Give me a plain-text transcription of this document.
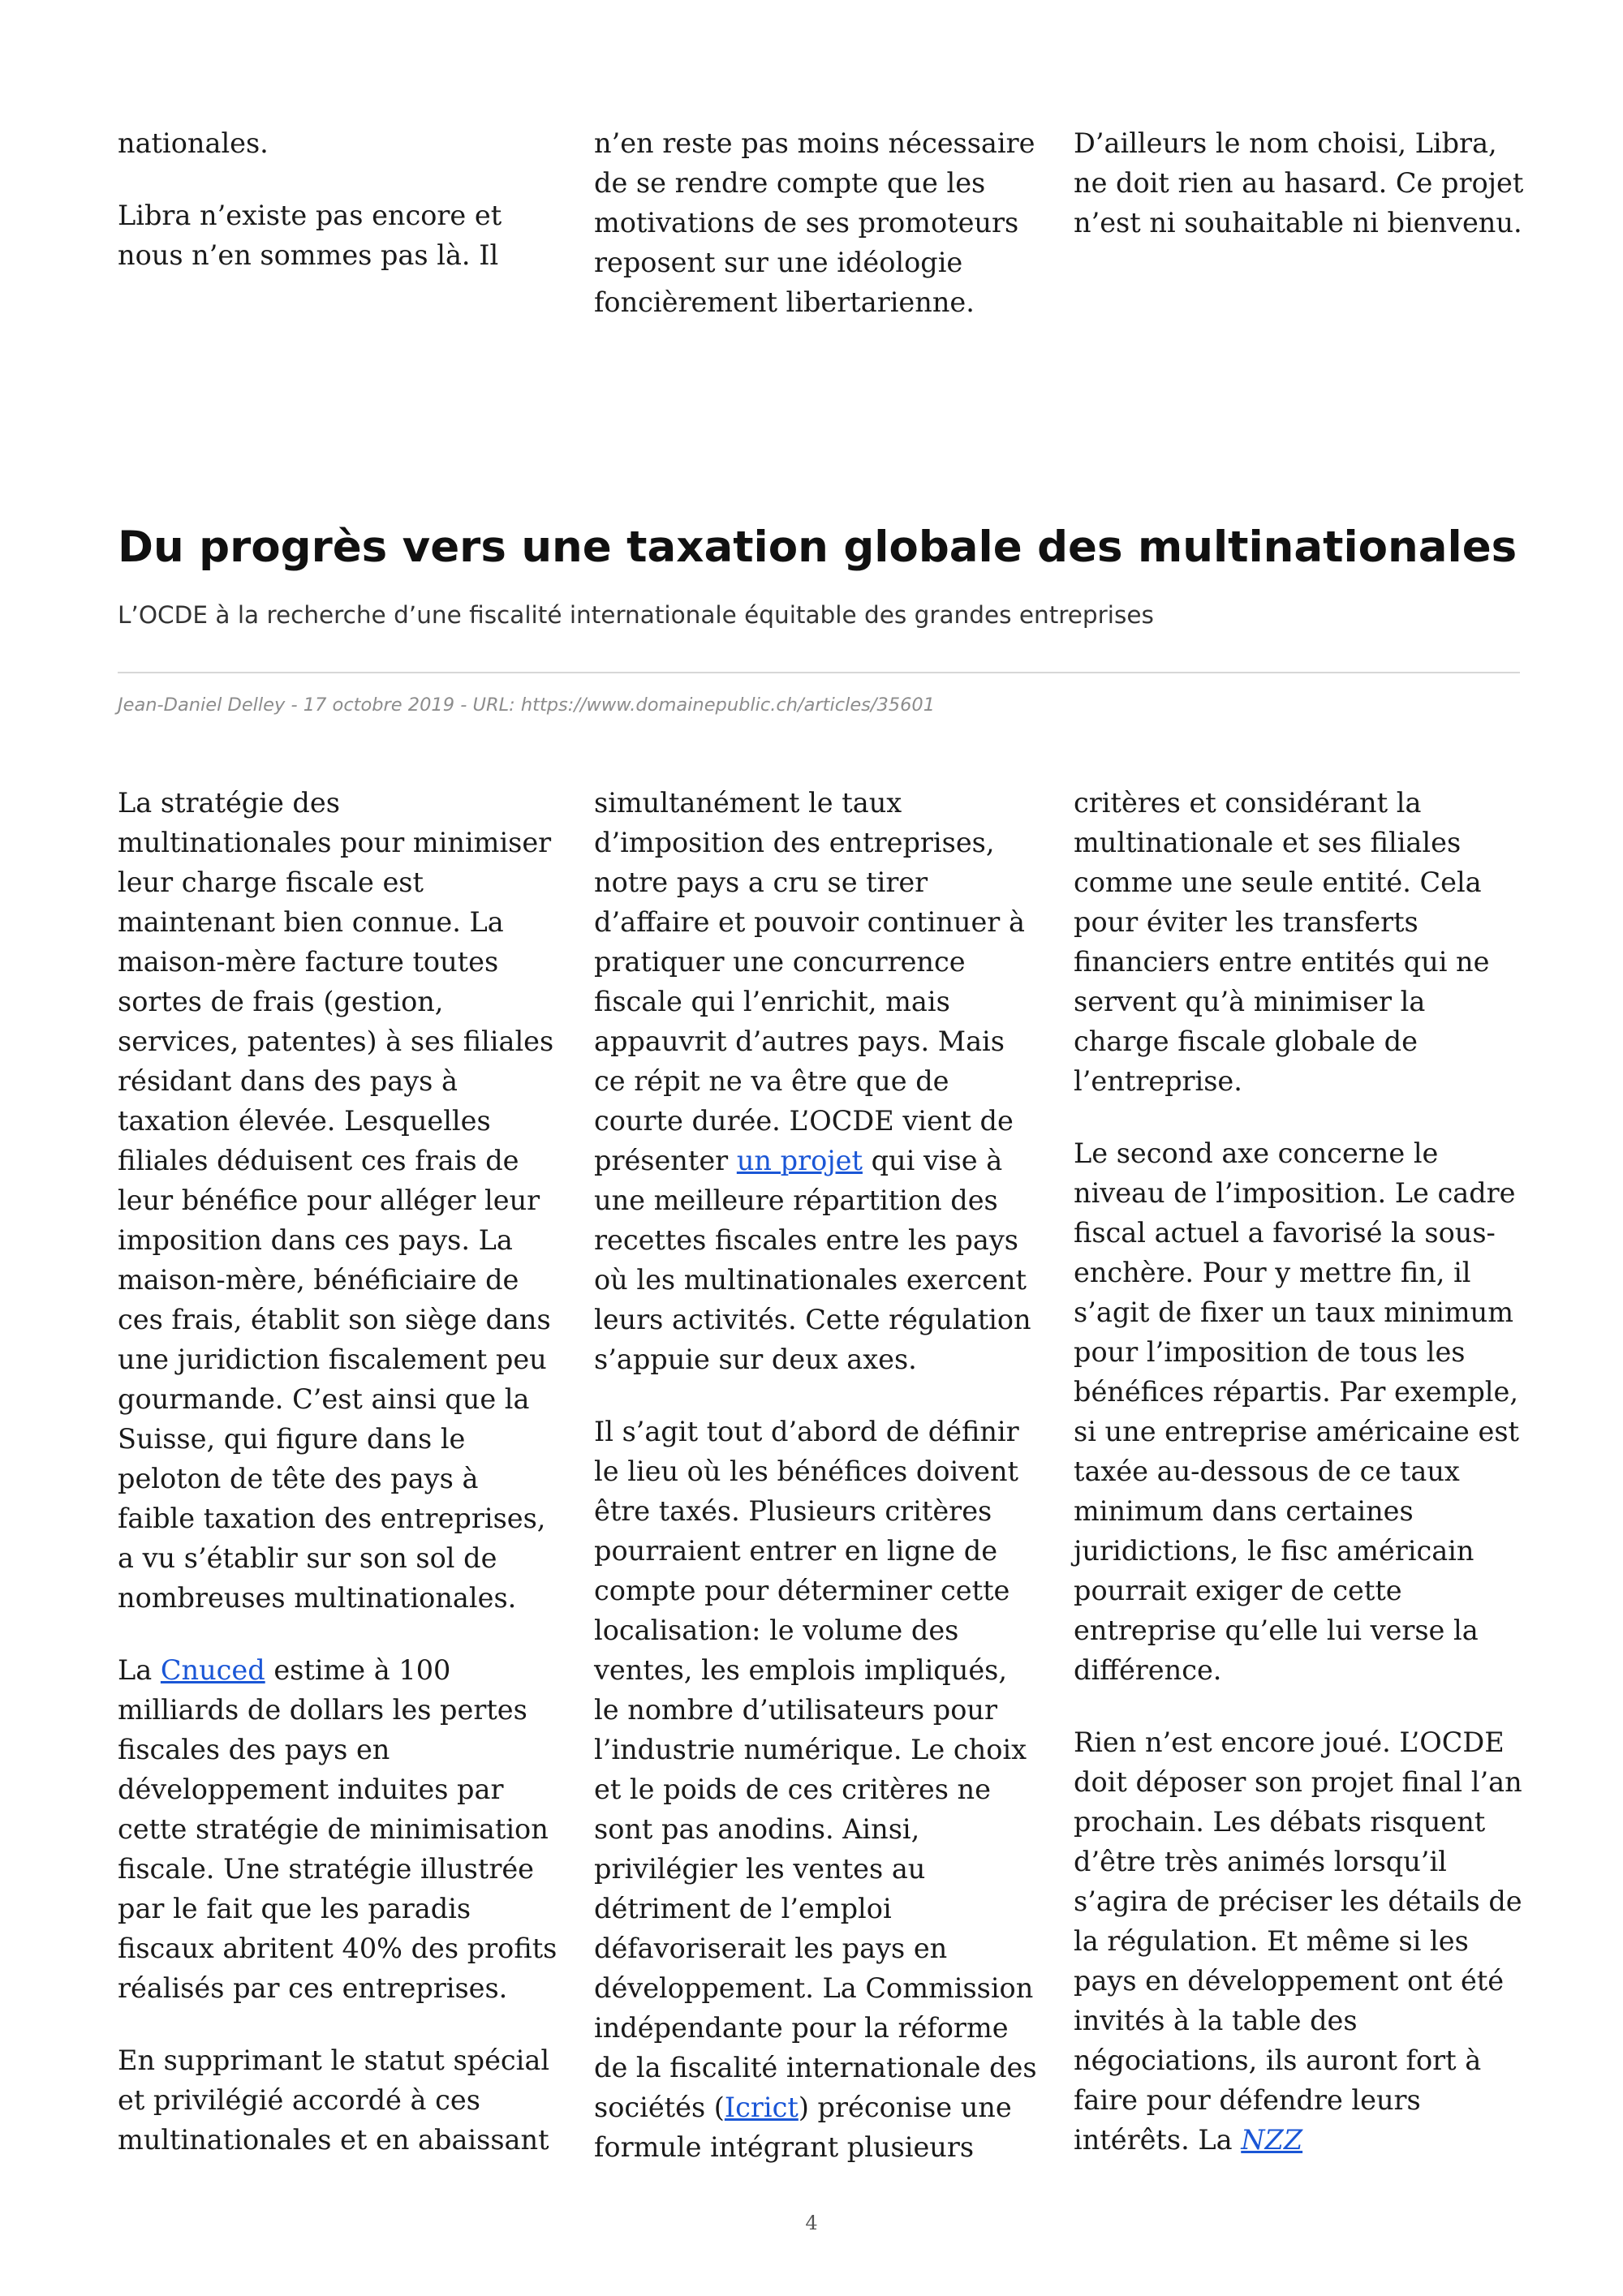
nationales.

Libra n’existe pas encore et nous n’en sommes pas là. Il

n’en reste pas moins nécessaire de se rendre compte que les motivations de ses promoteurs reposent sur une idéologie foncièrement libertarienne.

D’ailleurs le nom choisi, Libra, ne doit rien au hasard. Ce projet n’est ni souhaitable ni bienvenu.

Du progrès vers une taxation globale des multinationales

L’OCDE à la recherche d’une fiscalité internationale équitable des grandes entreprises

Jean-Daniel Delley - 17 octobre 2019 - URL: https://www.domainepublic.ch/articles/35601

La stratégie des multinationales pour minimiser leur charge fiscale est maintenant bien connue. La maison-mère facture toutes sortes de frais (gestion, services, patentes) à ses filiales résidant dans des pays à taxation élevée. Lesquelles filiales déduisent ces frais de leur bénéfice pour alléger leur imposition dans ces pays. La maison-mère, bénéficiaire de ces frais, établit son siège dans une juridiction fiscalement peu gourmande. C’est ainsi que la Suisse, qui figure dans le peloton de tête des pays à faible taxation des entreprises, a vu s’établir sur son sol de nombreuses multinationales.

La Cnuced estime à 100 milliards de dollars les pertes fiscales des pays en développement induites par cette stratégie de minimisation fiscale. Une stratégie illustrée par le fait que les paradis fiscaux abritent 40% des profits réalisés par ces entreprises.

En supprimant le statut spécial et privilégié accordé à ces multinationales et en abaissant

simultanément le taux d’imposition des entreprises, notre pays a cru se tirer d’affaire et pouvoir continuer à pratiquer une concurrence fiscale qui l’enrichit, mais appauvrit d’autres pays. Mais ce répit ne va être que de courte durée. L’OCDE vient de présenter un projet qui vise à une meilleure répartition des recettes fiscales entre les pays où les multinationales exercent leurs activités. Cette régulation s’appuie sur deux axes.

Il s’agit tout d’abord de définir le lieu où les bénéfices doivent être taxés. Plusieurs critères pourraient entrer en ligne de compte pour déterminer cette localisation: le volume des ventes, les emplois impliqués, le nombre d’utilisateurs pour l’industrie numérique. Le choix et le poids de ces critères ne sont pas anodins. Ainsi, privilégier les ventes au détriment de l’emploi défavoriserait les pays en développement. La Commission indépendante pour la réforme de la fiscalité internationale des sociétés (Icrict) préconise une formule intégrant plusieurs

critères et considérant la multinationale et ses filiales comme une seule entité. Cela pour éviter les transferts financiers entre entités qui ne servent qu’à minimiser la charge fiscale globale de l’entreprise.

Le second axe concerne le niveau de l’imposition. Le cadre fiscal actuel a favorisé la sous-enchère. Pour y mettre fin, il s’agit de fixer un taux minimum pour l’imposition de tous les bénéfices répartis. Par exemple, si une entreprise américaine est taxée au-dessous de ce taux minimum dans certaines juridictions, le fisc américain pourrait exiger de cette entreprise qu’elle lui verse la différence.

Rien n’est encore joué. L’OCDE doit déposer son projet final l’an prochain. Les débats risquent d’être très animés lorsqu’il s’agira de préciser les détails de la régulation. Et même si les pays en développement ont été invités à la table des négociations, ils auront fort à faire pour défendre leurs intérêts. La NZZ

4
